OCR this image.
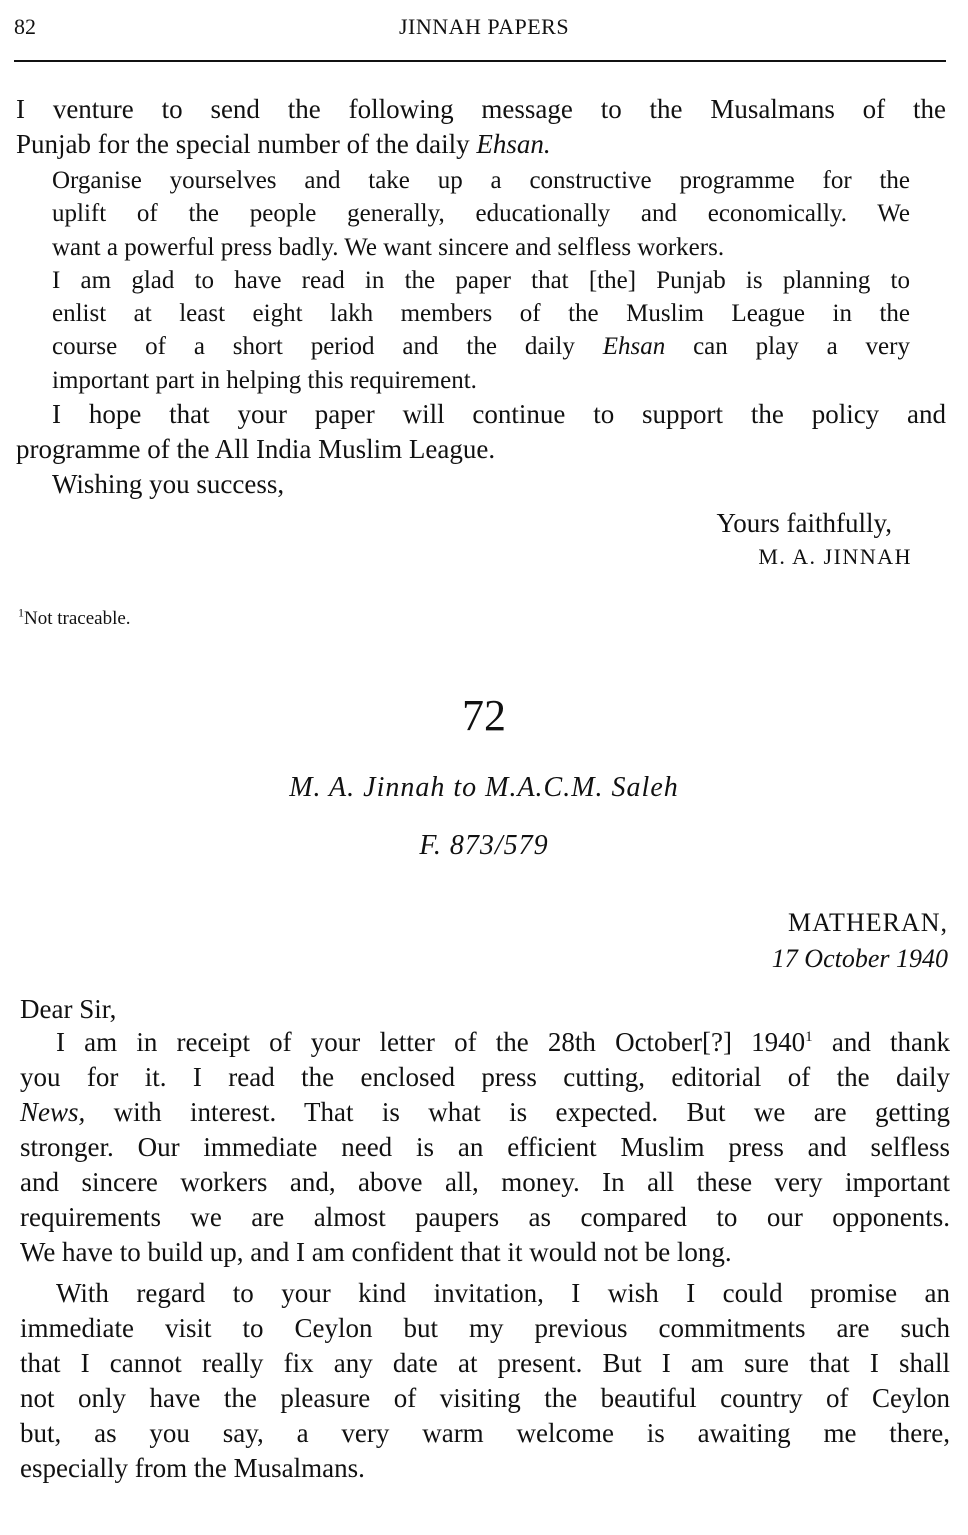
82	JINNAH PAPERS
I venture to send the following message to the Musalmans of the
Punjab for the special number of the daily Ehsan.
Organise yourselves and take up a constructive programme for the
uplift of the people generally, educationally and economically. We
want a powerful press badly. We want sincere and selfless workers.
I am glad to have read in the paper that [the] Punjab is planning to
enlist at least eight lakh members of the Muslim League in the
course of a short period and the daily Ehsan can play a very
important part in helping this requirement.
I hope that your paper will continue to support the policy and
programme of the All India Muslim League.
Wishing you success,
Yours faithfully,
M. A. JINNAH
$^1$Not traceable.
72
M. A. Jinnah to M.A.C.M. Saleh
F. 873/579
MATHERAN,
17 October 1940
Dear Sir,
I am in receipt of your letter of the 28th October[?] 1940$^1$ and thank
you for it. I read the enclosed press cutting, editorial of the daily
News, with interest. That is what is expected. But we are getting
stronger. Our immediate need is an efficient Muslim press and selfless
and sincere workers and, above all, money. In all these very important
requirements we are almost paupers as compared to our opponents.
We have to build up, and I am confident that it would not be long.
With regard to your kind invitation, I wish I could promise an
immediate visit to Ceylon but my previous commitments are such
that I cannot really fix any date at present. But I am sure that I shall
not only have the pleasure of visiting the beautiful country of Ceylon
but, as you say, a very warm welcome is awaiting me there,
especially from the Musalmans.
